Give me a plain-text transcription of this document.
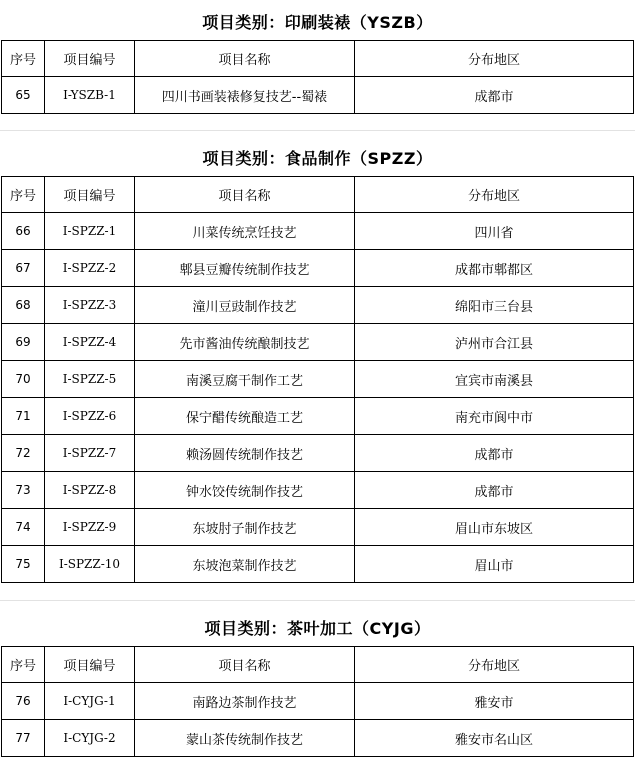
项目类别：印刷装裱（YSZB）
序号	项目编号	项目名称	分布地区
65	Ⅰ-YSZB-1	四川书画装裱修复技艺--蜀裱	成都市
项目类别：食品制作（SPZZ）
序号	项目编号	项目名称	分布地区
66	Ⅰ-SPZZ-1	川菜传统烹饪技艺	四川省
67	Ⅰ-SPZZ-2	郫县豆瓣传统制作技艺	成都市郫都区
68	Ⅰ-SPZZ-3	潼川豆豉制作技艺	绵阳市三台县
69	Ⅰ-SPZZ-4	先市酱油传统酿制技艺	泸州市合江县
70	Ⅰ-SPZZ-5	南溪豆腐干制作工艺	宜宾市南溪县
71	Ⅰ-SPZZ-6	保宁醋传统酿造工艺	南充市阆中市
72	Ⅰ-SPZZ-7	赖汤圆传统制作技艺	成都市
73	Ⅰ-SPZZ-8	钟水饺传统制作技艺	成都市
74	Ⅰ-SPZZ-9	东坡肘子制作技艺	眉山市东坡区
75	Ⅰ-SPZZ-10	东坡泡菜制作技艺	眉山市
项目类别：茶叶加工（CYJG）
序号	项目编号	项目名称	分布地区
76	Ⅰ-CYJG-1	南路边茶制作技艺	雅安市
77	Ⅰ-CYJG-2	蒙山茶传统制作技艺	雅安市名山区
